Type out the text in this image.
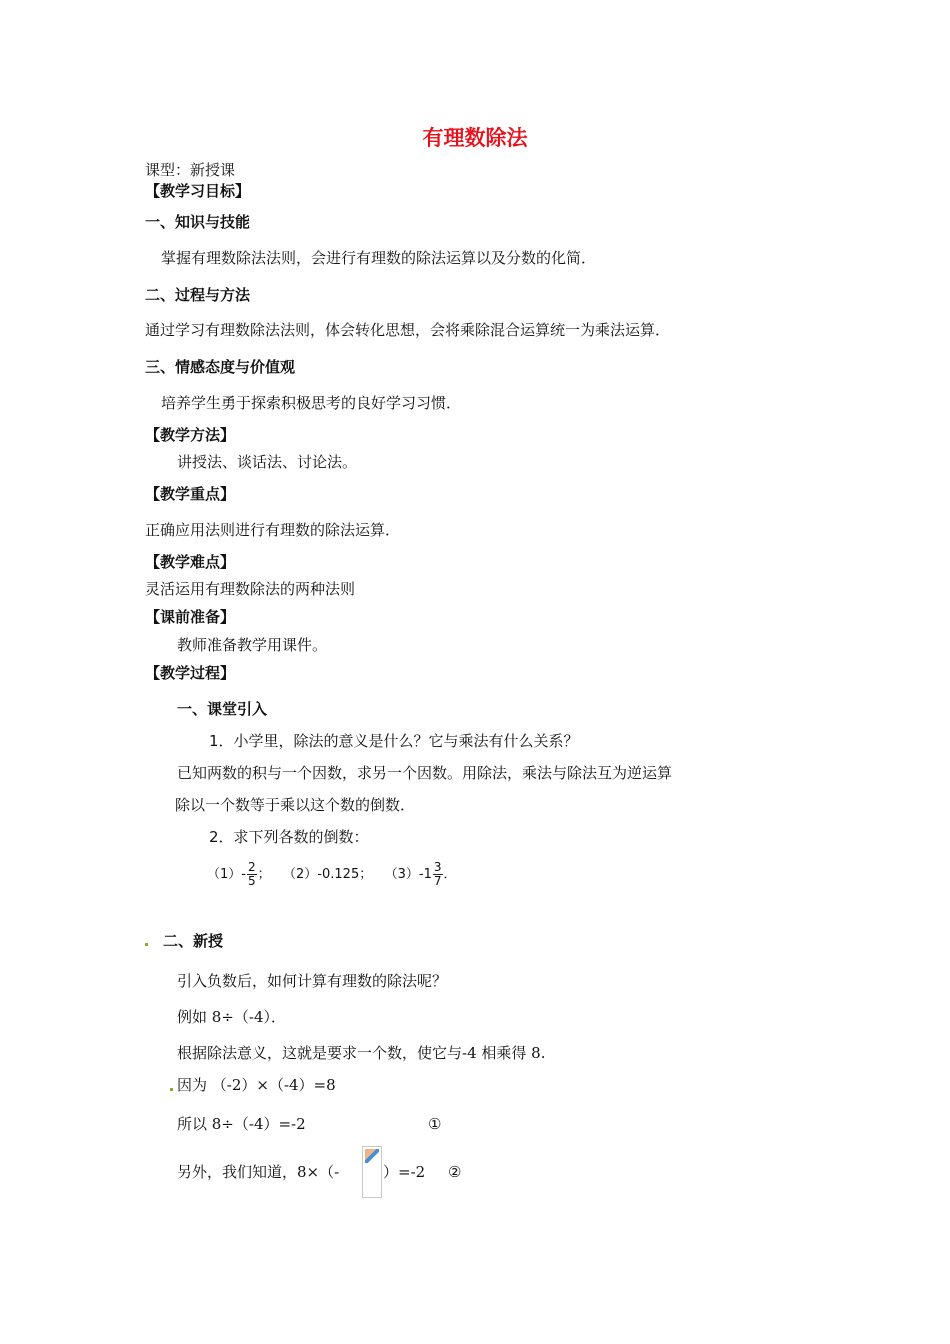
有理数除法
课型：新授课
【教学习目标】
一、知识与技能
掌握有理数除法法则，会进行有理数的除法运算以及分数的化简．
二、过程与方法
通过学习有理数除法法则，体会转化思想，会将乘除混合运算统一为乘法运算．
三、情感态度与价值观
培养学生勇于探索积极思考的良好学习习惯．
【教学方法】
讲授法、谈话法、讨论法。
【教学重点】
正确应用法则进行有理数的除法运算．
【教学难点】
灵活运用有理数除法的两种法则
【课前准备】
教师准备教学用课件。
【教学过程】
一、课堂引入
1．小学里，除法的意义是什么？它与乘法有什么关系？
已知两数的积与一个因数，求另一个因数。用除法，乘法与除法互为逆运算
除以一个数等于乘以这个数的倒数．
2．求下列各数的倒数：
$(1)- \frac{2}{5}$ ； （2）-0.125； $(3)-1 \frac{3}{7}$ ．
二、新授
引入负数后，如何计算有理数的除法呢？
例如 8÷（-4）．
根据除法意义，这就是要求一个数，使它与-4 相乘得 8.
因为 （-2）×（-4）=8
所以 8÷（-4）=-2	①
另外，我们知道，8×（-	）=-2 ②
